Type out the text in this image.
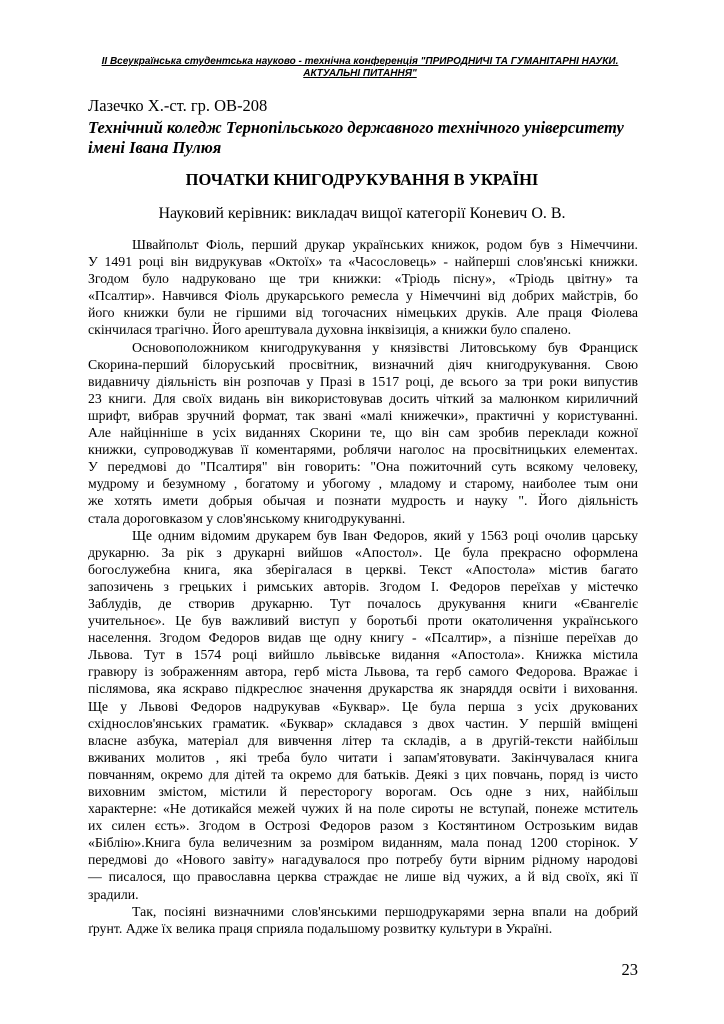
ІІ Всеукраїнська студентська науково - технічна конференція "ПРИРОДНИЧІ ТА ГУМАНІТАРНІ НАУКИ.
АКТУАЛЬНІ ПИТАННЯ"
Лазечко Х.-ст. гр. ОВ-208
Технічний коледж Тернопільського державного технічного університету
імені Івана Пулюя
ПОЧАТКИ КНИГОДРУКУВАННЯ В УКРАЇНІ
Науковий керівник: викладач вищої категорії Коневич О. В.
Швайпольт Фіоль, перший друкар українських книжок, родом був з Німеччини.
У 1491 році він видрукував «Октоїх» та «Часословець» - найперші слов'янські книжки.
Згодом було надруковано ще три книжки: «Тріодь пісну», «Тріодь цвітну» та
«Псалтир». Навчився Фіоль друкарського ремесла у Німеччині від добрих майстрів, бо
його книжки були не гіршими від тогочасних німецьких друків. Але праця Фіолева
скінчилася трагічно. Його арештувала духовна інквізиція, а книжки було спалено.
Основоположником книгодрукування у князівстві Литовському був Франциск
Скорина-перший білоруський просвітник, визначний діяч книгодрукування. Свою
видавничу діяльність він розпочав у Празі в 1517 році, де всього за три роки випустив
23 книги. Для своїх видань він використовував досить чіткий за малюнком кириличний
шрифт, вибрав зручний формат, так звані «малі книжечки», практичні у користуванні.
Але найцінніше в усіх виданнях Скорини те, що він сам зробив переклади кожної
книжки, супроводжував її коментарями, роблячи наголос на просвітницьких елементах.
У передмові до "Псалтиря" він говорить: "Она пожиточний суть всякому человеку,
мудрому и безумному , богатому и убогому , младому и старому, наиболее тым они
же хотять имети добрыя обычая и познати мудрость и науку ". Його діяльність
стала дороговказом у слов'янському книгодрукуванні.
Ще одним відомим друкарем був Іван Федоров, який у 1563 році очолив царську
друкарню. За рік з друкарні вийшов «Апостол». Це була прекрасно оформлена
богослужебна книга, яка зберігалася в церкві. Текст «Апостола» містив багато
запозичень з грецьких і римських авторів. Згодом І. Федоров переїхав у містечко
Заблудів, де створив друкарню. Тут почалось друкування книги «Євангеліє
учительноє». Це був важливий виступ у боротьбі проти окатоличення українського
населення. Згодом Федоров видав ще одну книгу - «Псалтир», а пізніше переїхав до
Львова. Тут в 1574 році вийшло львівське видання «Апостола». Книжка містила
гравюру із зображенням автора, герб міста Львова, та герб самого Федорова. Вражає і
післямова, яка яскраво підкреслює значення друкарства як знаряддя освіти і виховання.
Ще у Львові Федоров надрукував «Буквар». Це була перша з усіх друкованих
східнослов'янських граматик. «Буквар» складався з двох частин. У першій вміщені
власне азбука, матеріал для вивчення літер та складів, а в другій-тексти найбільш
вживаних молитов , які треба було читати і запам'ятовувати. Закінчувалася книга
повчанням, окремо для дітей та окремо для батьків. Деякі з цих повчань, поряд із чисто
виховним змістом, містили й пересторогу ворогам. Ось одне з них, найбільш
характерне: «Не дотикайся межей чужих й на поле сироты не вступай, понеже мститель
их силен єсть». Згодом в Острозі Федоров разом з Костянтином Острозьким видав
«Біблію».Книга була величезним за розміром виданням, мала понад 1200 сторінок. У
передмові до «Нового завіту» нагадувалося про потребу бути вірним рідному народові
— писалося, що православна церква страждає не лише від чужих, а й від своїх, які її
зрадили.
Так, посіяні визначними слов'янськими першодрукарями зерна впали на добрий
ґрунт. Адже їх велика праця сприяла подальшому розвитку культури в Україні.
23
